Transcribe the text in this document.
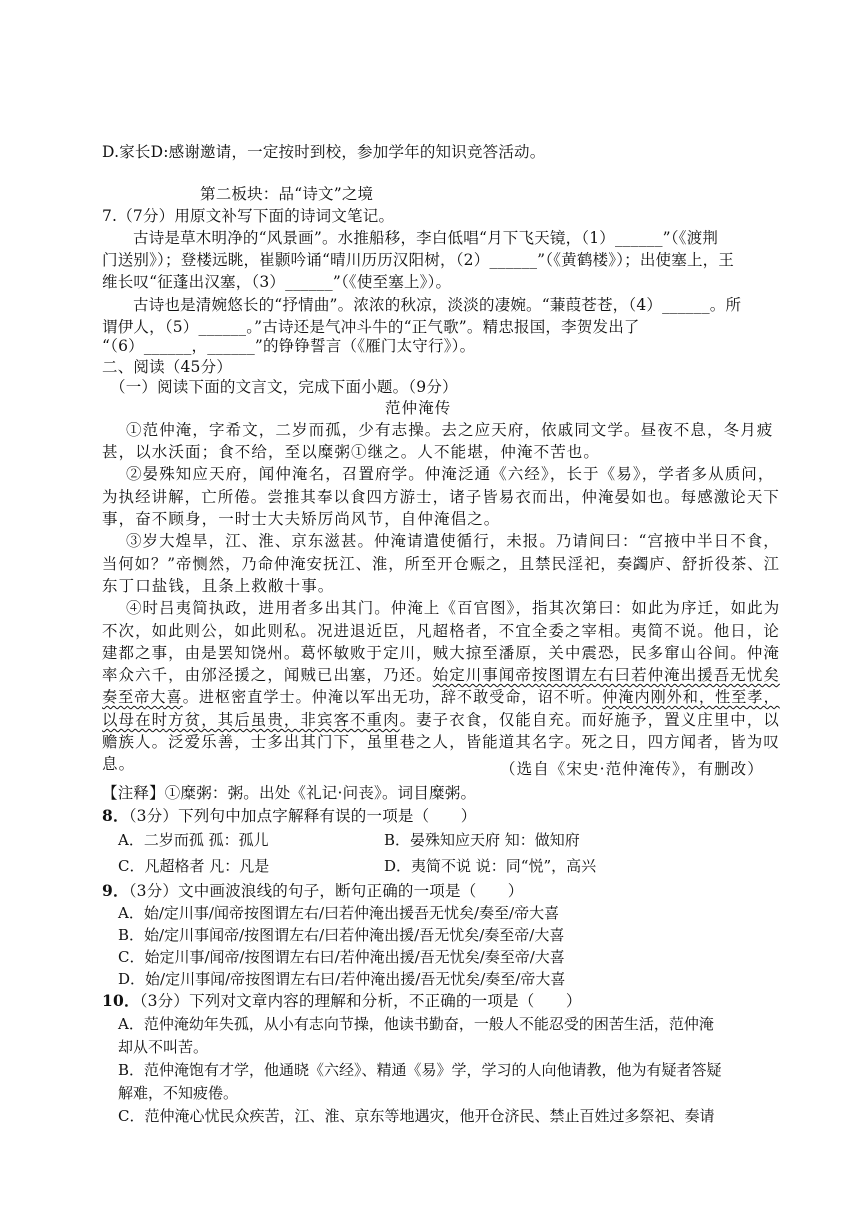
D.家长D:感谢邀请，一定按时到校，参加学年的知识竞答活动。
第二板块：品“诗文”之境
7.（7分）用原文补写下面的诗词文笔记。
古诗是草木明净的“风景画”。水推船移，李白低唱“月下飞天镜，（1）______”（《渡荆
门送别》）；登楼远眺，崔颢吟诵“晴川历历汉阳树，（2）______”（《黄鹤楼》）；出使塞上，王
维长叹“征蓬出汉塞，（3）______”（《使至塞上》）。
古诗也是清婉悠长的“抒情曲”。浓浓的秋凉，淡淡的凄婉。“蒹葭苍苍，（4）______。所
谓伊人，（5）______。”古诗还是气冲斗牛的“正气歌”。精忠报国，李贺发出了
“（6）______，______”的铮铮誓言（《雁门太守行》）。
二、阅读（45分）
（一）阅读下面的文言文，完成下面小题。（9分）
范仲淹传
①范仲淹，字希文，二岁而孤，少有志操。去之应天府，依戚同文学。昼夜不息，冬月疲
甚，以水沃面；食不给，至以糜粥①继之。人不能堪，仲淹不苦也。
②晏殊知应天府，闻仲淹名，召置府学。仲淹泛通《六经》，长于《易》，学者多从质问，
为执经讲解，亡所倦。尝推其奉以食四方游士，诸子皆易衣而出，仲淹晏如也。每感激论天下
事，奋不顾身，一时士大夫矫厉尚风节，自仲淹倡之。
③岁大煌旱，江、淮、京东滋甚。仲淹请遣使循行，未报。乃请间曰：“宫掖中半日不食，
当何如？”帝恻然，乃命仲淹安抚江、淮，所至开仓赈之，且禁民淫祀，奏蠲庐、舒折役茶、江
东丁口盐钱，且条上救敝十事。
④时吕夷简执政，进用者多出其门。仲淹上《百官图》，指其次第曰：如此为序迁，如此为
不次，如此则公，如此则私。况进退近臣，凡超格者，不宜全委之宰相。夷简不说。他日，论
建都之事，由是罢知饶州。葛怀敏败于定川，贼大掠至潘原，关中震恐，民多窜山谷间。仲淹
率众六千，由邠泾援之，闻贼已出塞，乃还。始定川事闻帝按图谓左右曰若仲淹出援吾无忧矣
奏至帝大喜。进枢密直学士。仲淹以军出无功，辞不敢受命，诏不听。仲淹内刚外和，性至孝，
以母在时方贫，其后虽贵，非宾客不重肉。妻子衣食，仅能自充。而好施予，置义庄里中，以
赡族人。泛爱乐善，士多出其门下，虽里巷之人，皆能道其名字。死之日，四方闻者，皆为叹
息。	（选自《宋史·范仲淹传》，有删改）
【注释】①糜粥：粥。出处《礼记·问丧》。词目糜粥。
8．（3分）下列句中加点字解释有误的一项是（　　）
A．二岁而孤 孤：孤儿	B．晏殊知应天府 知：做知府
C．凡超格者 凡：凡是	D．夷简不说 说：同“悦”，高兴
9．（3分）文中画波浪线的句子，断句正确的一项是（　　）
A．始/定川事/闻帝按图谓左右/曰若仲淹出援吾无忧矣/奏至/帝大喜
B．始/定川事闻帝/按图谓左右/曰若仲淹出援/吾无忧矣/奏至帝/大喜
C．始定川事/闻帝/按图谓左右曰/若仲淹出援/吾无忧矣/奏至帝/大喜
D．始/定川事闻/帝按图谓左右曰/若仲淹出援/吾无忧矣/奏至/帝大喜
10．（3分）下列对文章内容的理解和分析，不正确的一项是（　　）
A．范仲淹幼年失孤，从小有志向节操，他读书勤奋，一般人不能忍受的困苦生活，范仲淹
却从不叫苦。
B．范仲淹饱有才学，他通晓《六经》、精通《易》学，学习的人向他请教，他为有疑者答疑
解难，不知疲倦。
C．范仲淹心忧民众疾苦，江、淮、京东等地遇灾，他开仓济民、禁止百姓过多祭祀、奏请
